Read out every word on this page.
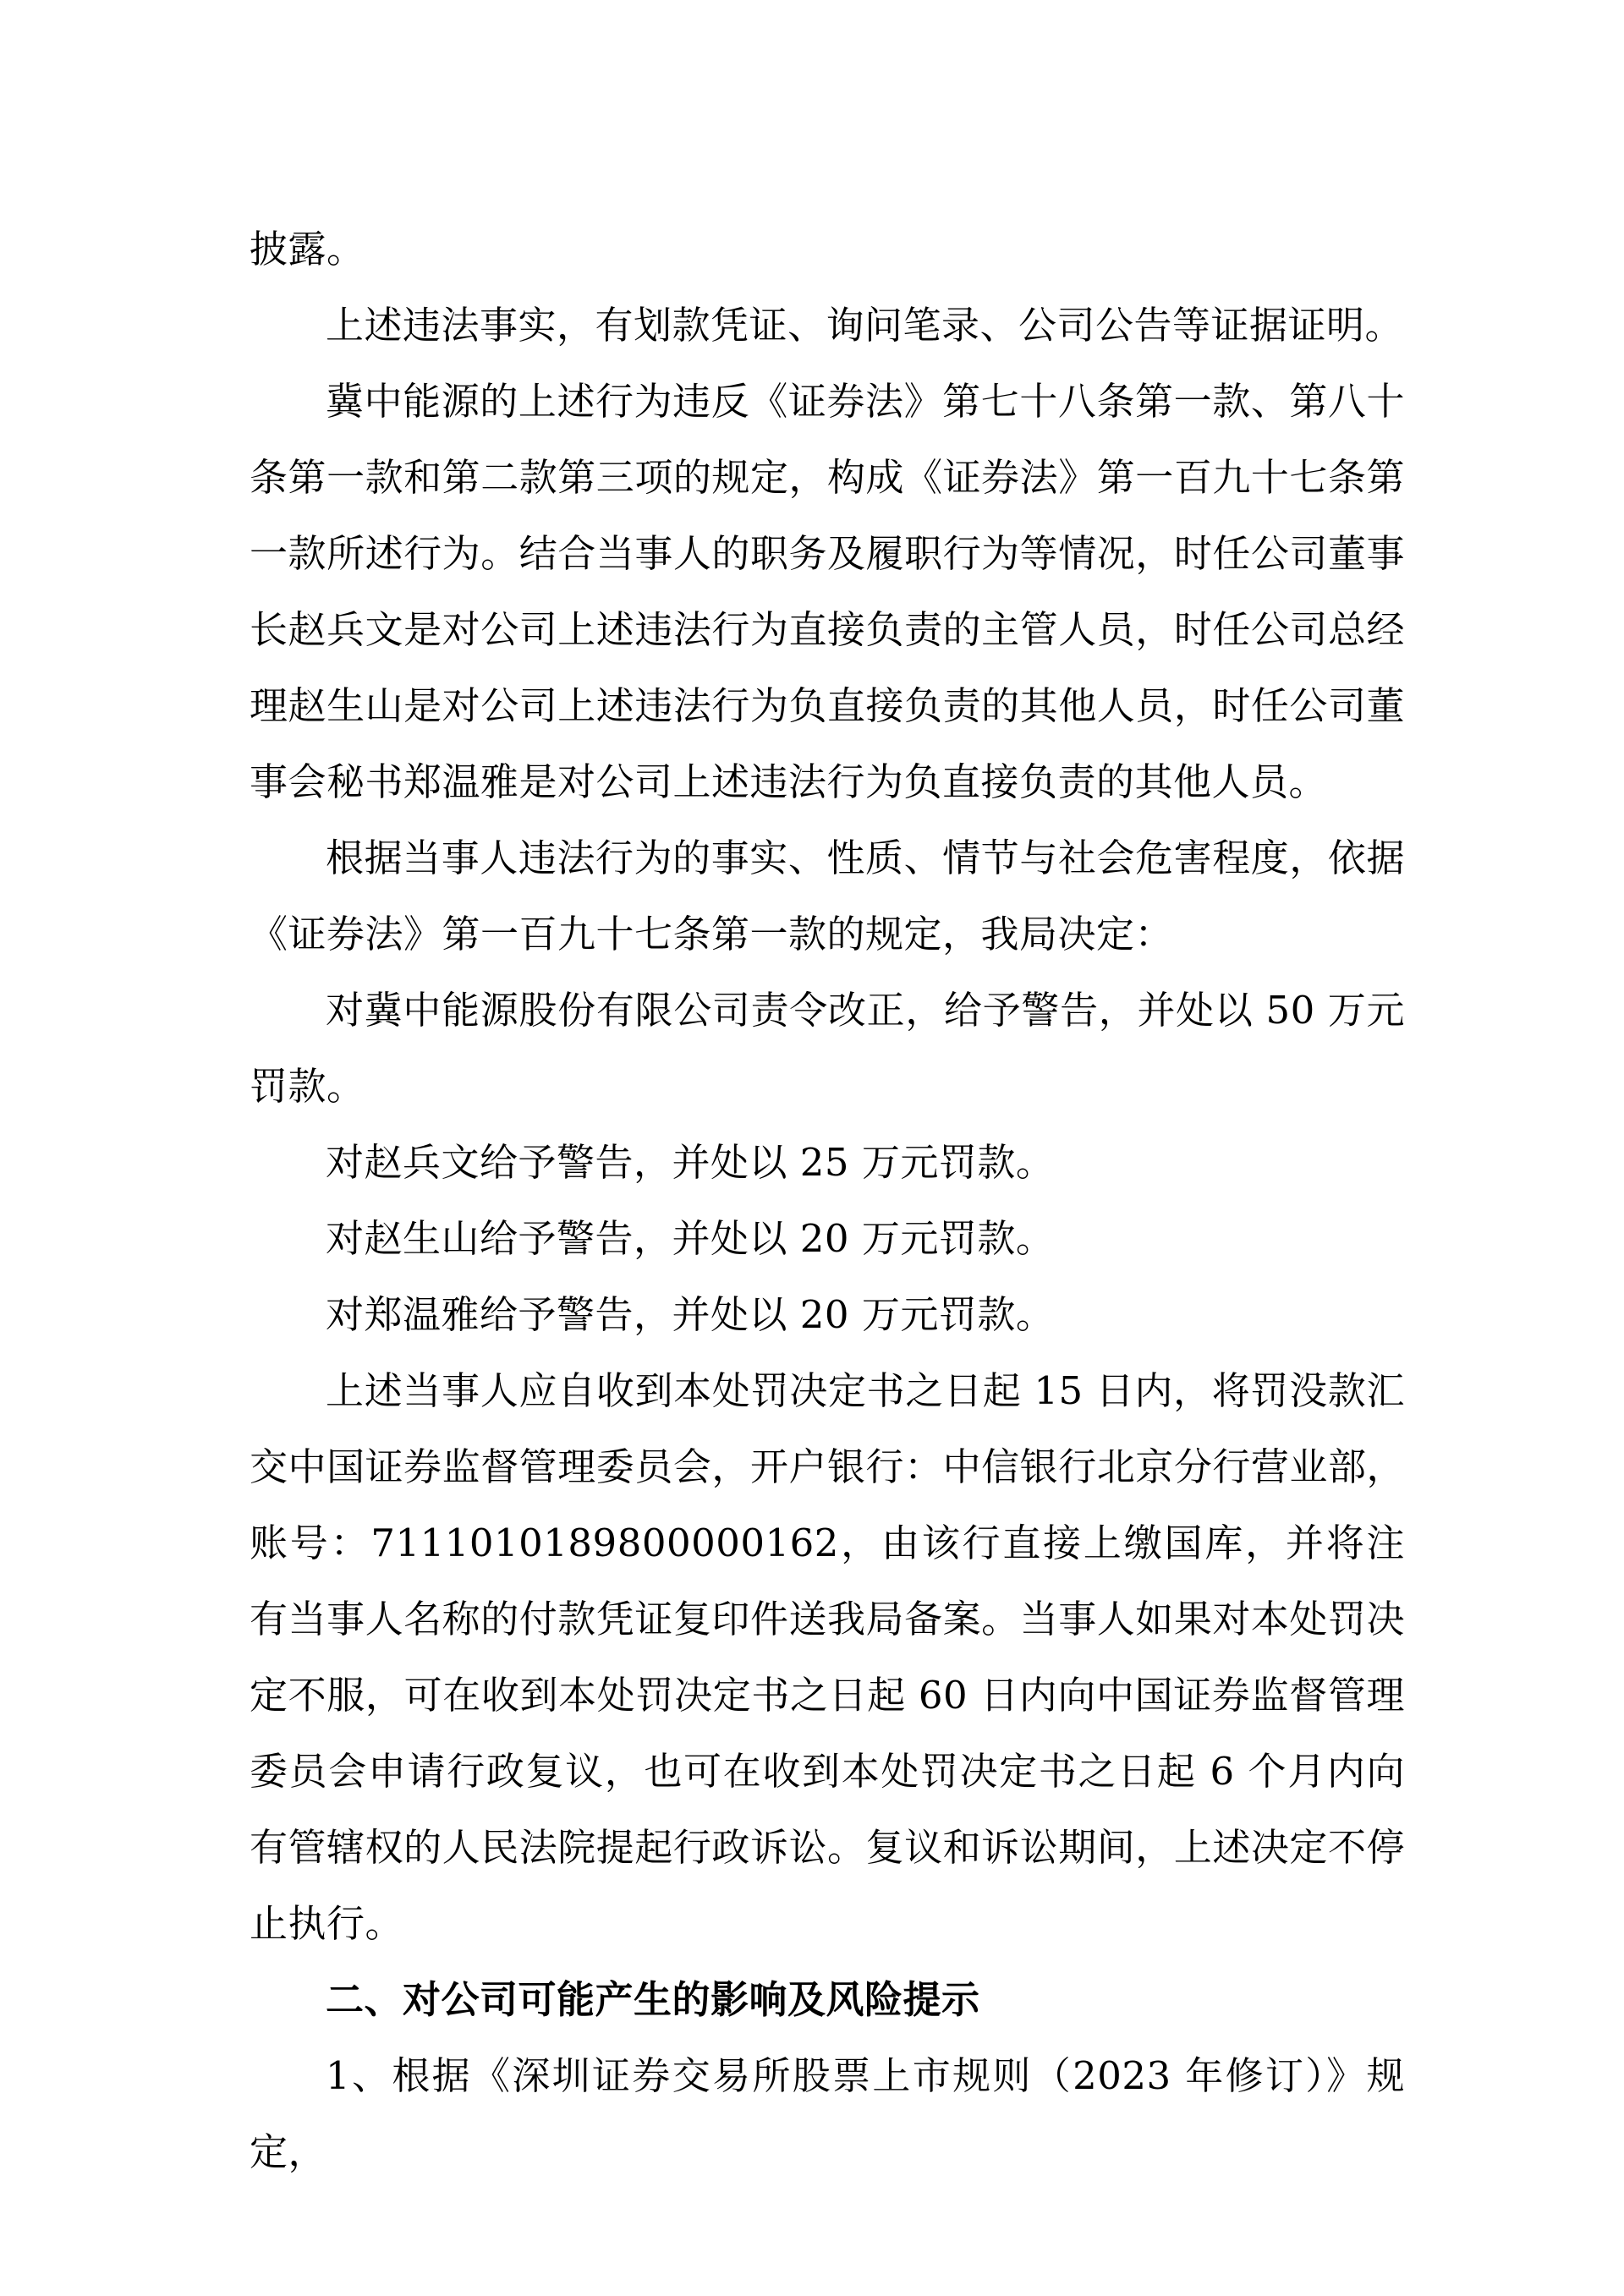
披露。

上述违法事实，有划款凭证、询问笔录、公司公告等证据证明。

冀中能源的上述行为违反《证券法》第七十八条第一款、第八十条第一款和第二款第三项的规定，构成《证券法》第一百九十七条第一款所述行为。结合当事人的职务及履职行为等情况，时任公司董事长赵兵文是对公司上述违法行为直接负责的主管人员，时任公司总经理赵生山是对公司上述违法行为负直接负责的其他人员，时任公司董事会秘书郑温雅是对公司上述违法行为负直接负责的其他人员。

根据当事人违法行为的事实、性质、情节与社会危害程度，依据《证券法》第一百九十七条第一款的规定，我局决定：

对冀中能源股份有限公司责令改正，给予警告，并处以 50 万元罚款。

对赵兵文给予警告，并处以 25 万元罚款。

对赵生山给予警告，并处以 20 万元罚款。

对郑温雅给予警告，并处以 20 万元罚款。

上述当事人应自收到本处罚决定书之日起 15 日内，将罚没款汇交中国证券监督管理委员会，开户银行：中信银行北京分行营业部，账号：7111010189800000162，由该行直接上缴国库，并将注有当事人名称的付款凭证复印件送我局备案。当事人如果对本处罚决定不服，可在收到本处罚决定书之日起 60 日内向中国证券监督管理委员会申请行政复议，也可在收到本处罚决定书之日起 6 个月内向有管辖权的人民法院提起行政诉讼。复议和诉讼期间，上述决定不停止执行。

二、对公司可能产生的影响及风险提示

1、根据《深圳证券交易所股票上市规则（2023 年修订）》规定，
